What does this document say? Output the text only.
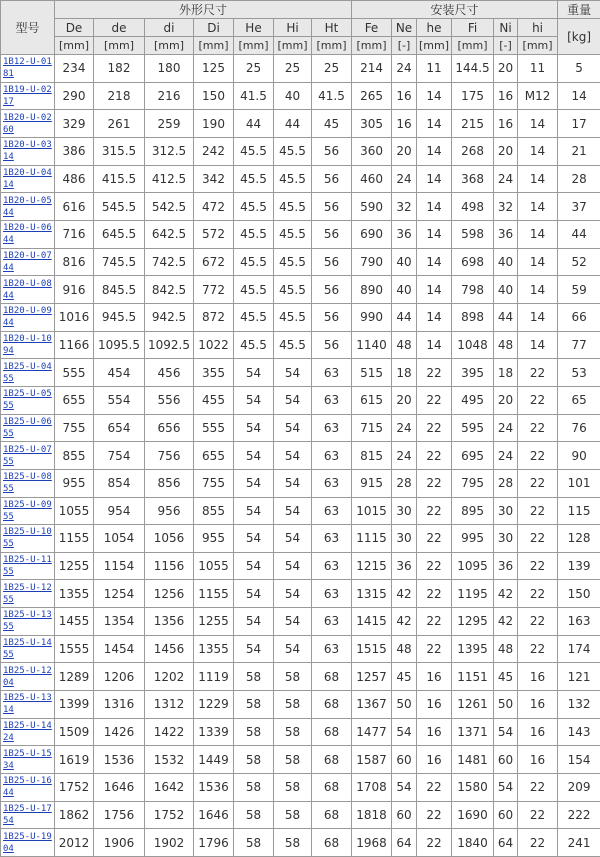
型号	外形尺寸							安装尺寸						重量
	De	de	di	Di	He	Hi	Ht	Fe	Ne	he	Fi	Ni	hi	[kg]
	[mm]	[mm]	[mm]	[mm]	[mm]	[mm]	[mm]	[mm]	[-]	[mm]	[mm]	[-]	[mm]	
1B12-U-0181	234	182	180	125	25	25	25	214	24	11	144.5	20	11	5
1B19-U-0217	290	218	216	150	41.5	40	41.5	265	16	14	175	16	M12	14
1B20-U-0260	329	261	259	190	44	44	45	305	16	14	215	16	14	17
1B20-U-0314	386	315.5	312.5	242	45.5	45.5	56	360	20	14	268	20	14	21
1B20-U-0414	486	415.5	412.5	342	45.5	45.5	56	460	24	14	368	24	14	28
1B20-U-0544	616	545.5	542.5	472	45.5	45.5	56	590	32	14	498	32	14	37
1B20-U-0644	716	645.5	642.5	572	45.5	45.5	56	690	36	14	598	36	14	44
1B20-U-0744	816	745.5	742.5	672	45.5	45.5	56	790	40	14	698	40	14	52
1B20-U-0844	916	845.5	842.5	772	45.5	45.5	56	890	40	14	798	40	14	59
1B20-U-0944	1016	945.5	942.5	872	45.5	45.5	56	990	44	14	898	44	14	66
1B20-U-1094	1166	1095.5	1092.5	1022	45.5	45.5	56	1140	48	14	1048	48	14	77
1B25-U-0455	555	454	456	355	54	54	63	515	18	22	395	18	22	53
1B25-U-0555	655	554	556	455	54	54	63	615	20	22	495	20	22	65
1B25-U-0655	755	654	656	555	54	54	63	715	24	22	595	24	22	76
1B25-U-0755	855	754	756	655	54	54	63	815	24	22	695	24	22	90
1B25-U-0855	955	854	856	755	54	54	63	915	28	22	795	28	22	101
1B25-U-0955	1055	954	956	855	54	54	63	1015	30	22	895	30	22	115
1B25-U-1055	1155	1054	1056	955	54	54	63	1115	30	22	995	30	22	128
1B25-U-1155	1255	1154	1156	1055	54	54	63	1215	36	22	1095	36	22	139
1B25-U-1255	1355	1254	1256	1155	54	54	63	1315	42	22	1195	42	22	150
1B25-U-1355	1455	1354	1356	1255	54	54	63	1415	42	22	1295	42	22	163
1B25-U-1455	1555	1454	1456	1355	54	54	63	1515	48	22	1395	48	22	174
1B25-U-1204	1289	1206	1202	1119	58	58	68	1257	45	16	1151	45	16	121
1B25-U-1314	1399	1316	1312	1229	58	58	68	1367	50	16	1261	50	16	132
1B25-U-1424	1509	1426	1422	1339	58	58	68	1477	54	16	1371	54	16	143
1B25-U-1534	1619	1536	1532	1449	58	58	68	1587	60	16	1481	60	16	154
1B25-U-1644	1752	1646	1642	1536	58	58	68	1708	54	22	1580	54	22	209
1B25-U-1754	1862	1756	1752	1646	58	58	68	1818	60	22	1690	60	22	222
1B25-U-1904	2012	1906	1902	1796	58	58	68	1968	64	22	1840	64	22	241
